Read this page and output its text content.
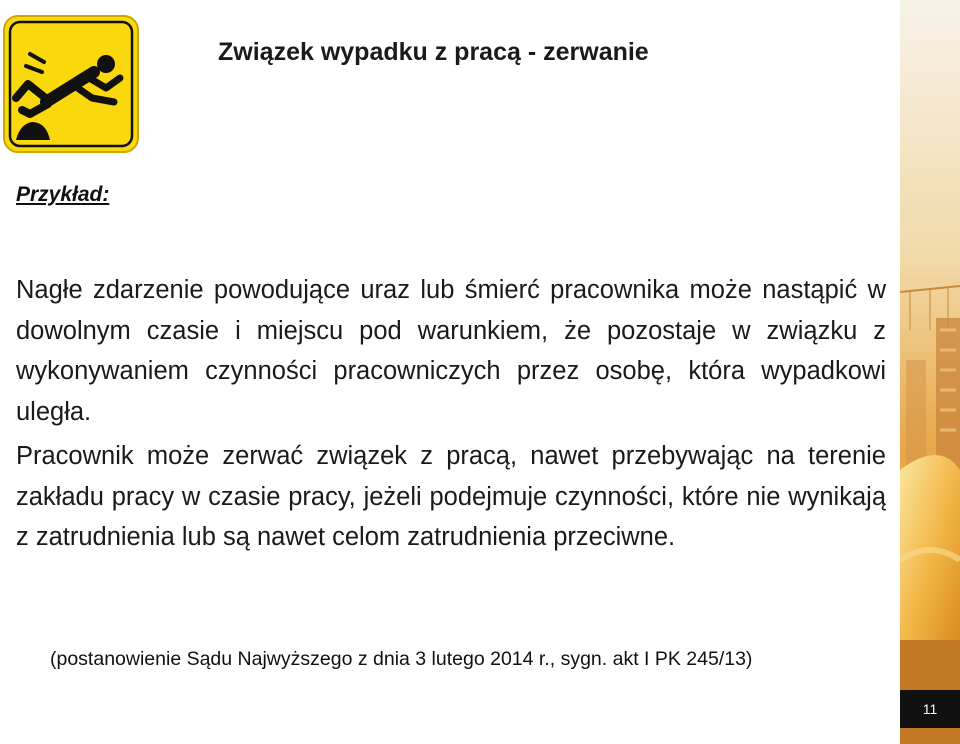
Związek wypadku z pracą - zerwanie
Przykład:
Nagłe zdarzenie powodujące uraz lub śmierć pracownika może nastąpić w dowolnym czasie i miejscu pod warunkiem, że pozostaje w związku z wykonywaniem czynności pracowniczych przez osobę, która wypadkowi uległa.
Pracownik może zerwać związek z pracą, nawet przebywając na terenie zakładu pracy w czasie pracy, jeżeli podejmuje czynności, które nie wynikają z zatrudnienia lub są nawet celom zatrudnienia przeciwne.
(postanowienie Sądu Najwyższego z dnia 3 lutego 2014 r., sygn. akt I PK 245/13)
11
